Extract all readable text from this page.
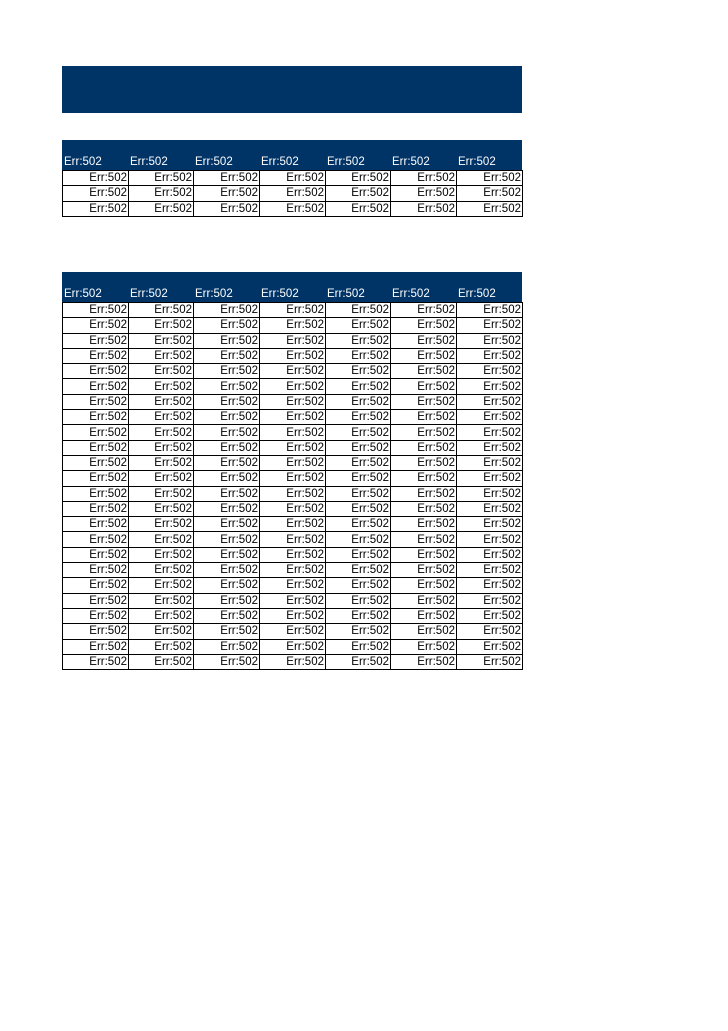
Err:502	Err:502	Err:502	Err:502	Err:502	Err:502	Err:502
Err:502	Err:502	Err:502	Err:502	Err:502	Err:502	Err:502
Err:502	Err:502	Err:502	Err:502	Err:502	Err:502	Err:502
Err:502	Err:502	Err:502	Err:502	Err:502	Err:502	Err:502
Err:502	Err:502	Err:502	Err:502	Err:502	Err:502	Err:502
Err:502	Err:502	Err:502	Err:502	Err:502	Err:502	Err:502
Err:502	Err:502	Err:502	Err:502	Err:502	Err:502	Err:502
Err:502	Err:502	Err:502	Err:502	Err:502	Err:502	Err:502
Err:502	Err:502	Err:502	Err:502	Err:502	Err:502	Err:502
Err:502	Err:502	Err:502	Err:502	Err:502	Err:502	Err:502
Err:502	Err:502	Err:502	Err:502	Err:502	Err:502	Err:502
Err:502	Err:502	Err:502	Err:502	Err:502	Err:502	Err:502
Err:502	Err:502	Err:502	Err:502	Err:502	Err:502	Err:502
Err:502	Err:502	Err:502	Err:502	Err:502	Err:502	Err:502
Err:502	Err:502	Err:502	Err:502	Err:502	Err:502	Err:502
Err:502	Err:502	Err:502	Err:502	Err:502	Err:502	Err:502
Err:502	Err:502	Err:502	Err:502	Err:502	Err:502	Err:502
Err:502	Err:502	Err:502	Err:502	Err:502	Err:502	Err:502
Err:502	Err:502	Err:502	Err:502	Err:502	Err:502	Err:502
Err:502	Err:502	Err:502	Err:502	Err:502	Err:502	Err:502
Err:502	Err:502	Err:502	Err:502	Err:502	Err:502	Err:502
Err:502	Err:502	Err:502	Err:502	Err:502	Err:502	Err:502
Err:502	Err:502	Err:502	Err:502	Err:502	Err:502	Err:502
Err:502	Err:502	Err:502	Err:502	Err:502	Err:502	Err:502
Err:502	Err:502	Err:502	Err:502	Err:502	Err:502	Err:502
Err:502	Err:502	Err:502	Err:502	Err:502	Err:502	Err:502
Err:502	Err:502	Err:502	Err:502	Err:502	Err:502	Err:502
Err:502	Err:502	Err:502	Err:502	Err:502	Err:502	Err:502
Err:502	Err:502	Err:502	Err:502	Err:502	Err:502	Err:502
